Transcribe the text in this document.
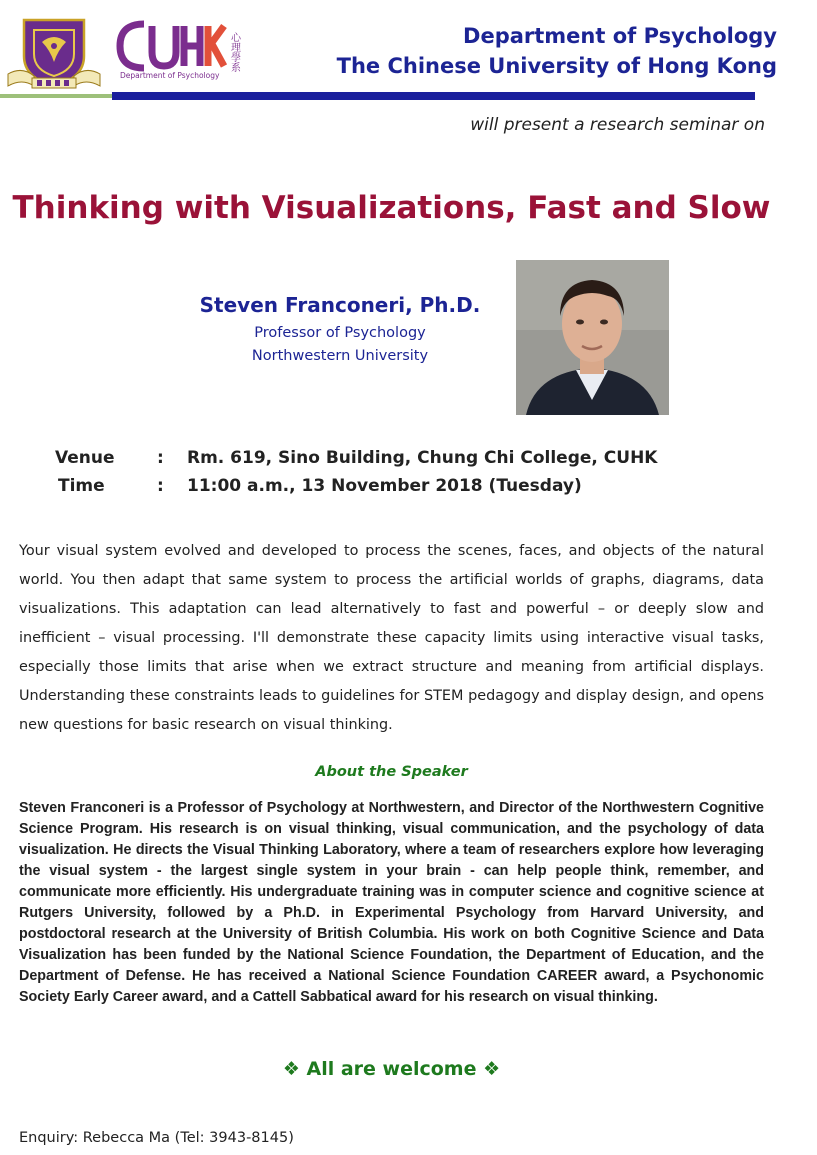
Department of Psychology
心理學系	Department of Psychology
The Chinese University of Hong Kong
will present a research seminar on
Thinking with Visualizations, Fast and Slow
Steven Franconeri, Ph.D.
Professor of Psychology
Northwestern University
Venue	: Rm. 619, Sino Building, Chung Chi College, CUHK
Time	: 11:00 a.m., 13 November 2018 (Tuesday)
Your visual system evolved and developed to process the scenes, faces, and objects of the natural world. You then adapt that same system to process the artificial worlds of graphs, diagrams, data visualizations. This adaptation can lead alternatively to fast and powerful – or deeply slow and inefficient – visual processing. I'll demonstrate these capacity limits using interactive visual tasks, especially those limits that arise when we extract structure and meaning from artificial displays. Understanding these constraints leads to guidelines for STEM pedagogy and display design, and opens new questions for basic research on visual thinking.
About the Speaker
Steven Franconeri is a Professor of Psychology at Northwestern, and Director of the Northwestern Cognitive Science Program. His research is on visual thinking, visual communication, and the psychology of data visualization. He directs the Visual Thinking Laboratory, where a team of researchers explore how leveraging the visual system - the largest single system in your brain - can help people think, remember, and communicate more efficiently. His undergraduate training was in computer science and cognitive science at Rutgers University, followed by a Ph.D. in Experimental Psychology from Harvard University, and postdoctoral research at the University of British Columbia. His work on both Cognitive Science and Data Visualization has been funded by the National Science Foundation, the Department of Education, and the Department of Defense. He has received a National Science Foundation CAREER award, a Psychonomic Society Early Career award, and a Cattell Sabbatical award for his research on visual thinking.
❖ All are welcome ❖
Enquiry: Rebecca Ma (Tel: 3943-8145)
